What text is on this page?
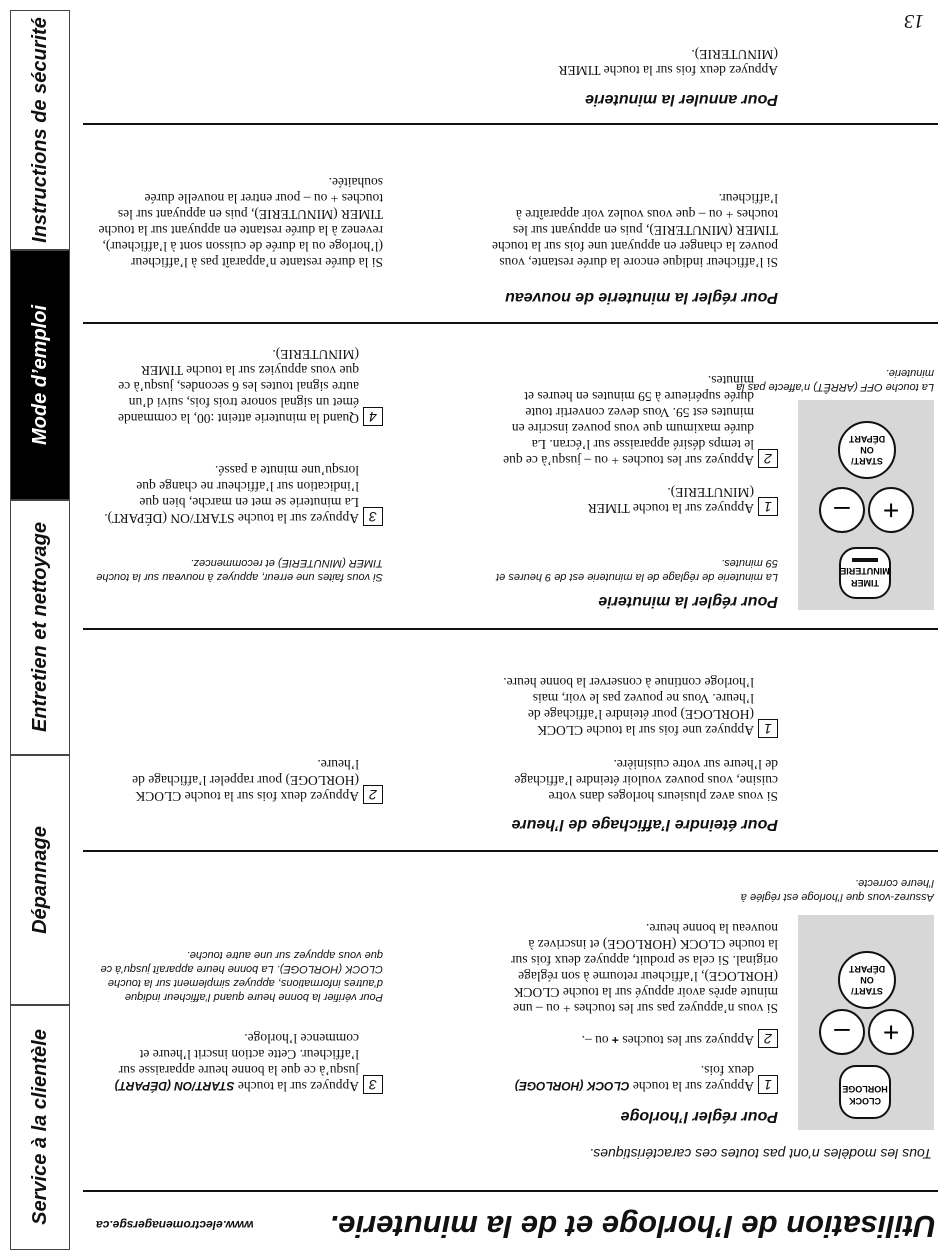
Instructions de sécurité
Mode d’emploi
Entretien et nettoyage
Dépannage
Service à la clientèle
Utilisation de l’horloge et de la minuterie.
www.electromenagersge.ca
Tous les modèles n’ont pas toutes ces caractéristiques.
CLOCK
HORLOGE
+
–
START/
ON
DÉPART
Assurez-vous que l’horloge est réglée à l’heure correcte.
Pour régler l’horloge
1
Appuyez sur la touche CLOCK (HORLOGE) deux fois.
2
Appuyez sur les touches + ou –.
Si vous n’appuyez pas sur les touches + ou – une minute après avoir appuyé sur la touche CLOCK (HORLOGE), l’afficheur retourne à son réglage original. Si cela se produit, appuyez deux fois sur la touche CLOCK (HORLOGE) et inscrivez à nouveau la bonne heure.
3
Appuyez sur la touche START/ON (DÉPART) jusqu’à ce que la bonne heure apparaisse sur l’afficheur. Cette action inscrit l’heure et commence l’horloge.
Pour vérifier la bonne heure quand l’afficheur indique d’autres informations, appuyez simplement sur la touche CLOCK (HORLOGE). La bonne heure apparaît jusqu’à ce que vous appuyez sur une autre touche.
Pour éteindre l’affichage de l’heure
Si vous avez plusieurs horloges dans votre cuisine, vous pouvez vouloir éteindre l’affichage de l’heure sur votre cuisinière.
1
Appuyez une fois sur la touche CLOCK (HORLOGE) pour éteindre l’affichage de l’heure. Vous ne pouvez pas le voir, mais l’horloge continue à conserver la bonne heure.
2
Appuyez deux fois sur la touche CLOCK (HORLOGE) pour rappeler l’affichage de l’heure.
TIMER
MINUTERIE
+
–
START/
ON
DÉPART
La touche OFF (ARRÊT) n’affecte pas la minuterie.
Pour régler la minuterie
La minuterie de réglage de la minuterie est de 9 heures et 59 minutes.
1
Appuyez sur la touche TIMER (MINUTERIE).
2
Appuyez sur les touches + ou – jusqu’à ce que le temps désiré apparaisse sur l’écran. La durée maximum que vous pouvez inscrire en minutes est 59. Vous devez convertir toute durée supérieure à 59 minutes en heures et minutes.
Si vous faites une erreur, appuyez à nouveau sur la touche TIMER (MINUTERIE) et recommencez.
3
Appuyez sur la touche START/ON (DÉPART). La minuterie se met en marche, bien que l’indication sur l’afficheur ne change que lorsqu’une minute a passé.
4
Quand la minuterie atteint :00, la commande émet un signal sonore trois fois, suivi d’un autre signal toutes les 6 secondes, jusqu’à ce que vous appuyiez sur la touche TIMER (MINUTERIE).
Pour régler la minuterie de nouveau
Si l’afficheur indique encore la durée restante, vous pouvez la changer en appuyant une fois sur la touche TIMER (MINUTERIE), puis en appuyant sur les touches + ou – que vous voulez voir apparaître à l’afficheur.
Si la durée restante n’apparaît pas à l’afficheur (l’horloge ou la durée de cuisson sont à l’afficheur), revenez à la durée restante en appuyant sur la touche TIMER (MINUTERIE), puis en appuyant sur les touches + ou – pour entrer la nouvelle durée souhaitée.
Pour annuler la minuterie
Appuyez deux fois sur la touche TIMER (MINUTERIE).
13
